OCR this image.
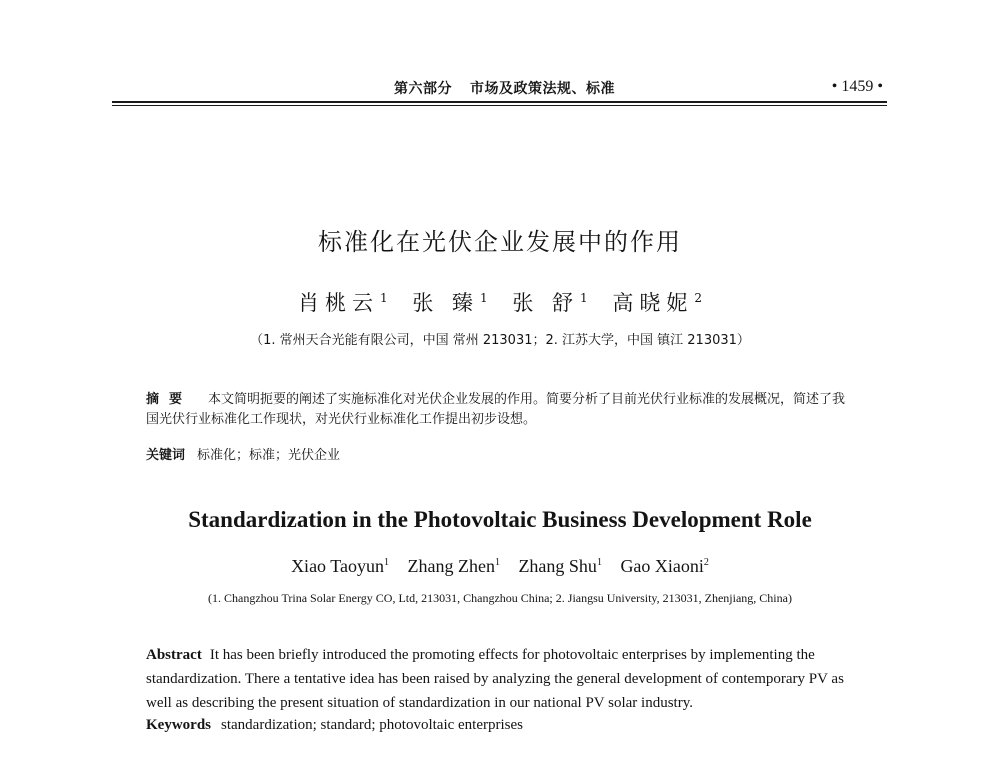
第六部分 市场及政策法规、标准	• 1459 •
标准化在光伏企业发展中的作用
肖桃云$^1$ 张 臻$^1$ 张 舒$^1$ 高晓妮$^2$
（1. 常州天合光能有限公司，中国 常州 213031；2. 江苏大学，中国 镇江 213031）
摘要 本文简明扼要的阐述了实施标准化对光伏企业发展的作用。简要分析了目前光伏行业标准的发展概况，简述了我国光伏行业标准化工作现状，对光伏行业标准化工作提出初步设想。
关键词 标准化；标准；光伏企业
Standardization in the Photovoltaic Business Development Role
Xiao Taoyun$^1$ Zhang Zhen$^1$ Zhang Shu$^1$ Gao Xiaoni$^2$
(1. Changzhou Trina Solar Energy CO, Ltd, 213031, Changzhou China; 2. Jiangsu University, 213031, Zhenjiang, China)
Abstract It has been briefly introduced the promoting effects for photovoltaic enterprises by implementing the standardization. There a tentative idea has been raised by analyzing the general development of contemporary PV as well as describing the present situation of standardization in our national PV solar industry.
Keywords standardization; standard; photovoltaic enterprises
